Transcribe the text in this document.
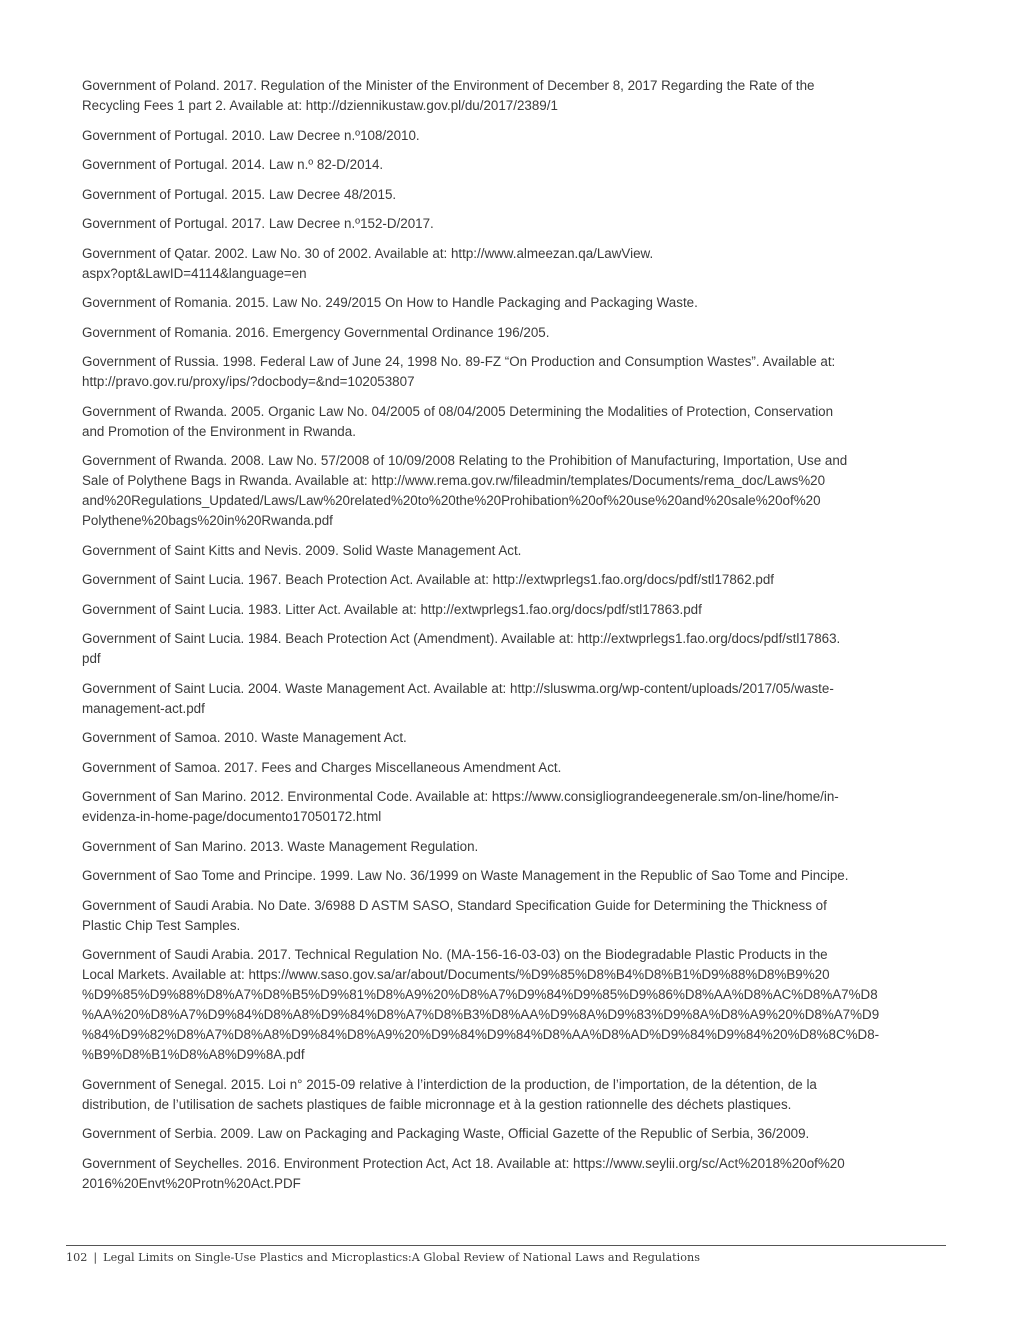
Government of Poland. 2017. Regulation of the Minister of the Environment of December 8, 2017 Regarding the Rate of the
Recycling Fees 1 part 2. Available at: http://dziennikustaw.gov.pl/du/2017/2389/1
Government of Portugal. 2010. Law Decree n.º108/2010.
Government of Portugal. 2014. Law n.º 82-D/2014.
Government of Portugal. 2015. Law Decree 48/2015.
Government of Portugal. 2017. Law Decree n.º152-D/2017.
Government of Qatar. 2002. Law No. 30 of 2002. Available at: http://www.almeezan.qa/LawView.
aspx?opt&LawID=4114&language=en
Government of Romania. 2015. Law No. 249/2015 On How to Handle Packaging and Packaging Waste.
Government of Romania. 2016. Emergency Governmental Ordinance 196/205.
Government of Russia. 1998. Federal Law of June 24, 1998 No. 89-FZ “On Production and Consumption Wastes”. Available at:
http://pravo.gov.ru/proxy/ips/?docbody=&nd=102053807
Government of Rwanda. 2005. Organic Law No. 04/2005 of 08/04/2005 Determining the Modalities of Protection, Conservation
and Promotion of the Environment in Rwanda.
Government of Rwanda. 2008. Law No. 57/2008 of 10/09/2008 Relating to the Prohibition of Manufacturing, Importation, Use and
Sale of Polythene Bags in Rwanda. Available at: http://www.rema.gov.rw/fileadmin/templates/Documents/rema_doc/Laws%20
and%20Regulations_Updated/Laws/Law%20related%20to%20the%20Prohibation%20of%20use%20and%20sale%20of%20
Polythene%20bags%20in%20Rwanda.pdf
Government of Saint Kitts and Nevis. 2009. Solid Waste Management Act.
Government of Saint Lucia. 1967. Beach Protection Act. Available at: http://extwprlegs1.fao.org/docs/pdf/stl17862.pdf
Government of Saint Lucia. 1983. Litter Act. Available at: http://extwprlegs1.fao.org/docs/pdf/stl17863.pdf
Government of Saint Lucia. 1984. Beach Protection Act (Amendment). Available at: http://extwprlegs1.fao.org/docs/pdf/stl17863.
pdf
Government of Saint Lucia. 2004. Waste Management Act. Available at: http://sluswma.org/wp-content/uploads/2017/05/waste-
management-act.pdf
Government of Samoa. 2010. Waste Management Act.
Government of Samoa. 2017. Fees and Charges Miscellaneous Amendment Act.
Government of San Marino. 2012. Environmental Code. Available at: https://www.consigliograndeegenerale.sm/on-line/home/in-
evidenza-in-home-page/documento17050172.html
Government of San Marino. 2013. Waste Management Regulation.
Government of Sao Tome and Principe. 1999. Law No. 36/1999 on Waste Management in the Republic of Sao Tome and Pincipe.
Government of Saudi Arabia. No Date. 3/6988 D ASTM SASO, Standard Specification Guide for Determining the Thickness of
Plastic Chip Test Samples.
Government of Saudi Arabia. 2017. Technical Regulation No. (MA-156-16-03-03) on the Biodegradable Plastic Products in the
Local Markets. Available at: https://www.saso.gov.sa/ar/about/Documents/%D9%85%D8%B4%D8%B1%D9%88%D8%B9%20
%D9%85%D9%88%D8%A7%D8%B5%D9%81%D8%A9%20%D8%A7%D9%84%D9%85%D9%86%D8%AA%D8%AC%D8%A7%D8
%AA%20%D8%A7%D9%84%D8%A8%D9%84%D8%A7%D8%B3%D8%AA%D9%8A%D9%83%D9%8A%D8%A9%20%D8%A7%D9
%84%D9%82%D8%A7%D8%A8%D9%84%D8%A9%20%D9%84%D9%84%D8%AA%D8%AD%D9%84%D9%84%20%D8%8C%D8-
%B9%D8%B1%D8%A8%D9%8A.pdf
Government of Senegal. 2015. Loi n° 2015-09 relative à l’interdiction de la production, de l’importation, de la détention, de la
distribution, de l’utilisation de sachets plastiques de faible micronnage et à la gestion rationnelle des déchets plastiques.
Government of Serbia. 2009. Law on Packaging and Packaging Waste, Official Gazette of the Republic of Serbia, 36/2009.
Government of Seychelles. 2016. Environment Protection Act, Act 18. Available at: https://www.seylii.org/sc/Act%2018%20of%20
2016%20Envt%20Protn%20Act.PDF
102 | Legal Limits on Single-Use Plastics and Microplastics:A Global Review of National Laws and Regulations
